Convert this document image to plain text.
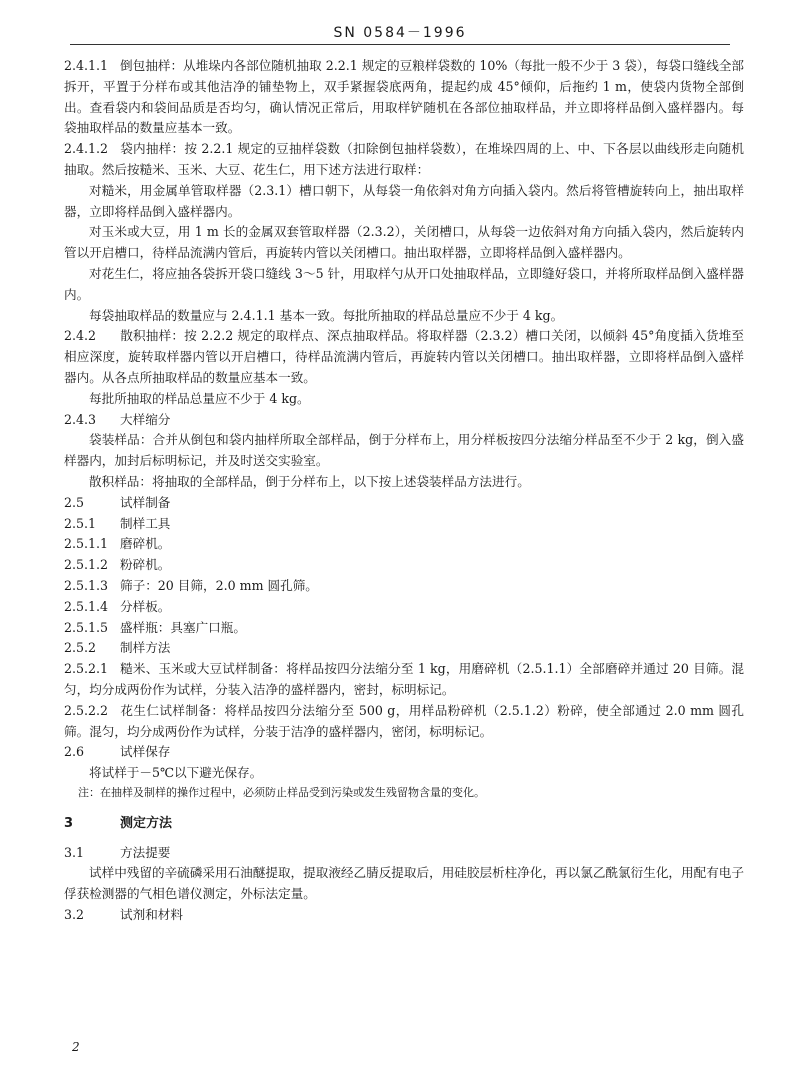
SN 0584－1996

2.4.1.1 倒包抽样：从堆垛内各部位随机抽取 2.2.1 规定的豆粮样袋数的 10%（每批一般不少于 3 袋），每袋口缝线全部拆开，平置于分样布或其他洁净的铺垫物上，双手紧握袋底两角，提起约成 45°倾仰，后拖约 1 m，使袋内货物全部倒出。查看袋内和袋间品质是否均匀，确认情况正常后，用取样铲随机在各部位抽取样品，并立即将样品倒入盛样器内。每袋抽取样品的数量应基本一致。

2.4.1.2 袋内抽样：按 2.2.1 规定的豆抽样袋数（扣除倒包抽样袋数），在堆垛四周的上、中、下各层以曲线形走向随机抽取。然后按糙米、玉米、大豆、花生仁，用下述方法进行取样：

对糙米，用金属单管取样器（2.3.1）槽口朝下，从每袋一角依斜对角方向插入袋内。然后将管槽旋转向上，抽出取样器，立即将样品倒入盛样器内。

对玉米或大豆，用 1 m 长的金属双套管取样器（2.3.2），关闭槽口，从每袋一边依斜对角方向插入袋内，然后旋转内管以开启槽口，待样品流满内管后，再旋转内管以关闭槽口。抽出取样器，立即将样品倒入盛样器内。

对花生仁，将应抽各袋拆开袋口缝线 3～5 针，用取样勺从开口处抽取样品，立即缝好袋口，并将所取样品倒入盛样器内。

每袋抽取样品的数量应与 2.4.1.1 基本一致。每批所抽取的样品总量应不少于 4 kg。

2.4.2 散积抽样：按 2.2.2 规定的取样点、深点抽取样品。将取样器（2.3.2）槽口关闭，以倾斜 45°角度插入货堆至相应深度，旋转取样器内管以开启槽口，待样品流满内管后，再旋转内管以关闭槽口。抽出取样器，立即将样品倒入盛样器内。从各点所抽取样品的数量应基本一致。

每批所抽取的样品总量应不少于 4 kg。

2.4.3 大样缩分

袋装样品：合并从倒包和袋内抽样所取全部样品，倒于分样布上，用分样板按四分法缩分样品至不少于 2 kg，倒入盛样器内，加封后标明标记，并及时送交实验室。

散积样品：将抽取的全部样品，倒于分样布上，以下按上述袋装样品方法进行。

2.5	试样制备
2.5.1 制样工具
2.5.1.1 磨碎机。
2.5.1.2 粉碎机。
2.5.1.3 筛子：20 目筛，2.0 mm 圆孔筛。
2.5.1.4 分样板。
2.5.1.5 盛样瓶：具塞广口瓶。
2.5.2 制样方法

2.5.2.1 糙米、玉米或大豆试样制备：将样品按四分法缩分至 1 kg，用磨碎机（2.5.1.1）全部磨碎并通过 20 目筛。混匀，均分成两份作为试样，分装入洁净的盛样器内，密封，标明标记。

2.5.2.2 花生仁试样制备：将样品按四分法缩分至 500 g，用样品粉碎机（2.5.1.2）粉碎，使全部通过 2.0 mm 圆孔筛。混匀，均分成两份作为试样，分装于洁净的盛样器内，密闭，标明标记。

2.6	试样保存

将试样于－5℃以下避光保存。

注：在抽样及制样的操作过程中，必须防止样品受到污染或发生残留物含量的变化。

3	测定方法
3.1	方法提要

试样中残留的辛硫磷采用石油醚提取，提取液经乙腈反提取后，用硅胶层析柱净化，再以氯乙酰氯衍生化，用配有电子俘获检测器的气相色谱仪测定，外标法定量。

3.2	试剂和材料
2
